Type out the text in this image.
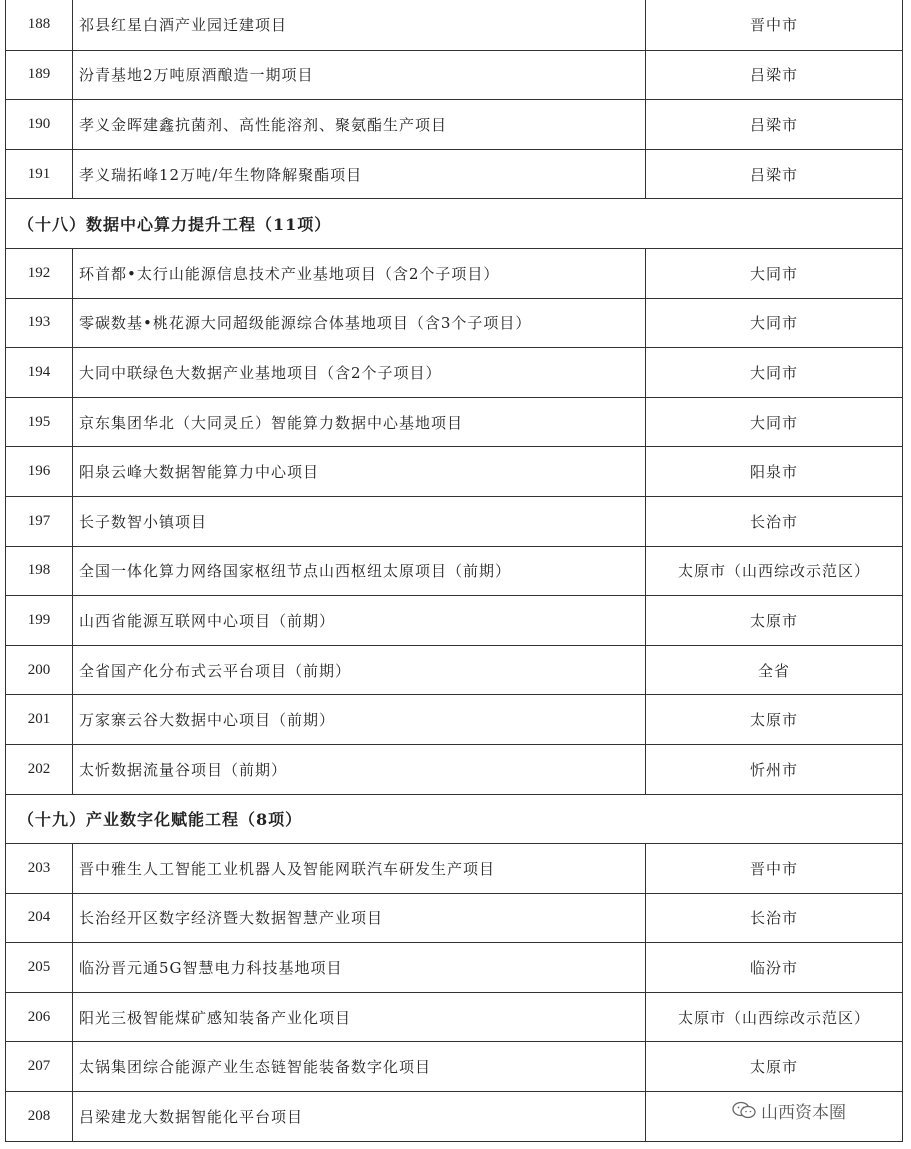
188	祁县红星白酒产业园迁建项目	晋中市
189	汾青基地2万吨原酒酿造一期项目	吕梁市
190	孝义金晖建鑫抗菌剂、高性能溶剂、聚氨酯生产项目	吕梁市
191	孝义瑞拓峰12万吨/年生物降解聚酯项目	吕梁市
（十八）数据中心算力提升工程（11项）
192	环首都•太行山能源信息技术产业基地项目（含2个子项目）	大同市
193	零碳数基•桃花源大同超级能源综合体基地项目（含3个子项目）	大同市
194	大同中联绿色大数据产业基地项目（含2个子项目）	大同市
195	京东集团华北（大同灵丘）智能算力数据中心基地项目	大同市
196	阳泉云峰大数据智能算力中心项目	阳泉市
197	长子数智小镇项目	长治市
198	全国一体化算力网络国家枢纽节点山西枢纽太原项目（前期）	太原市（山西综改示范区）
199	山西省能源互联网中心项目（前期）	太原市
200	全省国产化分布式云平台项目（前期）	全省
201	万家寨云谷大数据中心项目（前期）	太原市
202	太忻数据流量谷项目（前期）	忻州市
（十九）产业数字化赋能工程（8项）
203	晋中雅生人工智能工业机器人及智能网联汽车研发生产项目	晋中市
204	长治经开区数字经济暨大数据智慧产业项目	长治市
205	临汾晋元通5G智慧电力科技基地项目	临汾市
206	阳光三极智能煤矿感知装备产业化项目	太原市（山西综改示范区）
207	太锅集团综合能源产业生态链智能装备数字化项目	太原市
208	吕梁建龙大数据智能化平台项目	山西资本圈
